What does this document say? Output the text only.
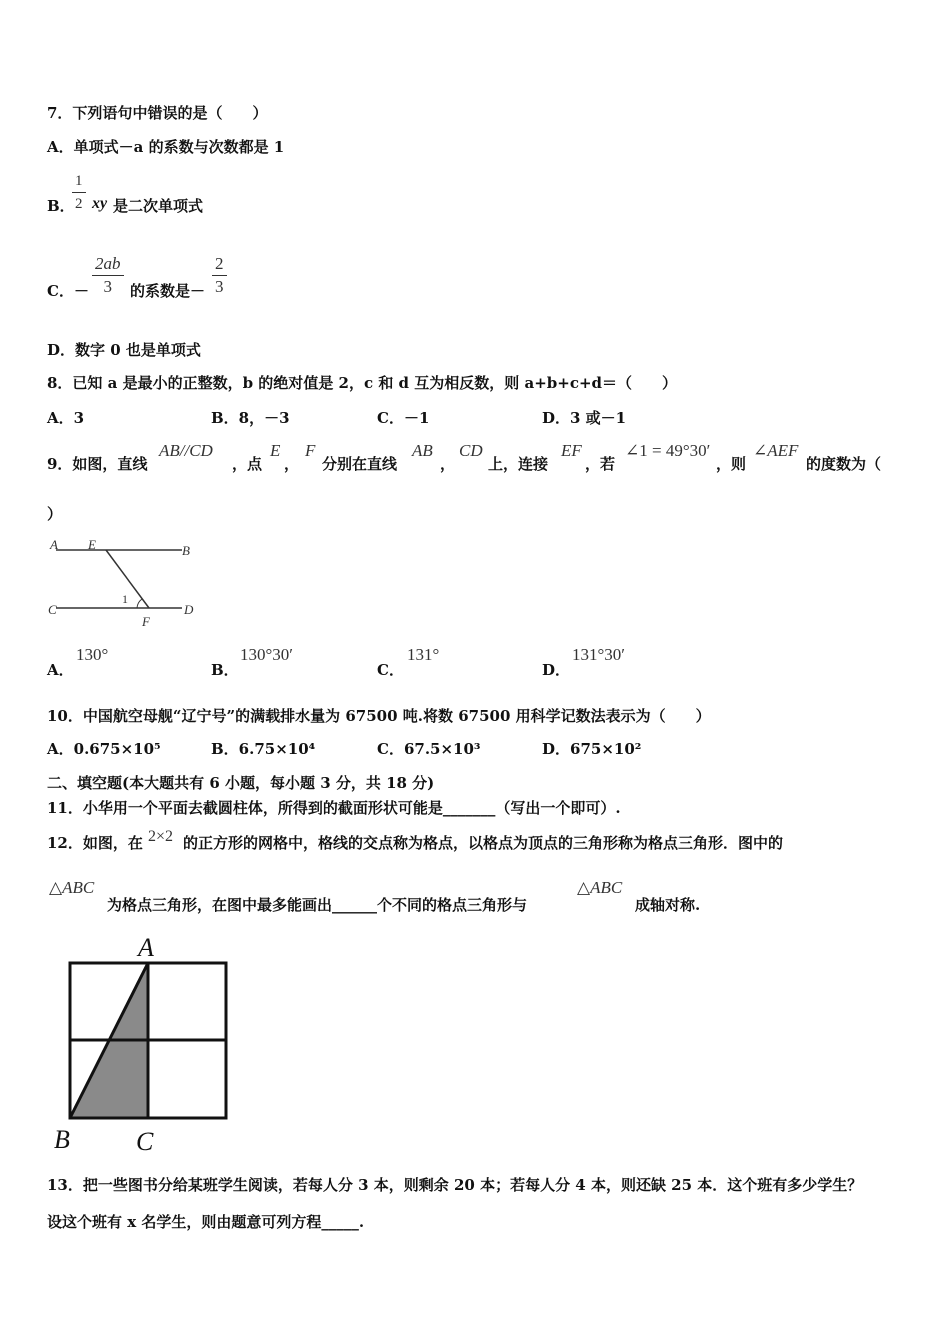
7．下列语句中错误的是（　　）
A．单项式－a 的系数与次数都是 1
B．
$\frac{1}{2}$ xy 是二次单项式
C．－ $\frac{2ab}{3}$ 的系数是－ $\frac{2}{3}$
D．数字 0 也是单项式
8．已知 a 是最小的正整数，b 的绝对值是 2，c 和 d 互为相反数，则 a+b+c+d＝（　　）
A．3	B．8，－3	C．－1	D．3 或－1
9．如图，直线
AB//CD
，点
E
，
F
分别在直线
AB
，
CD
上，连接
EF
，若
∠1 = 49°30′
，则
∠AEF
的度数为（
）
A E	B
C
1
D
F
A．
130°
B．
130°30′
C．
131°
D．
131°30′
10．中国航空母舰“辽宁号”的满载排水量为 67500 吨.将数 67500 用科学记数法表示为（　　）
A．0.675×10⁵	B．6.75×10⁴	C．67.5×10³	D．675×10²
二、填空题(本大题共有 6 小题，每小题 3 分，共 18 分)
11．小华用一个平面去截圆柱体，所得到的截面形状可能是_______（写出一个即可）.
12．如图，在 2×2 的正方形的网格中，格线的交点称为格点，以格点为顶点的三角形称为格点三角形．图中的
△ABC
为格点三角形，在图中最多能画出______个不同的格点三角形与
△ABC
成轴对称.
A
B	C
13．把一些图书分给某班学生阅读，若每人分 3 本，则剩余 20 本；若每人分 4 本，则还缺 25 本．这个班有多少学生？
设这个班有 x 名学生，则由题意可列方程_____.
